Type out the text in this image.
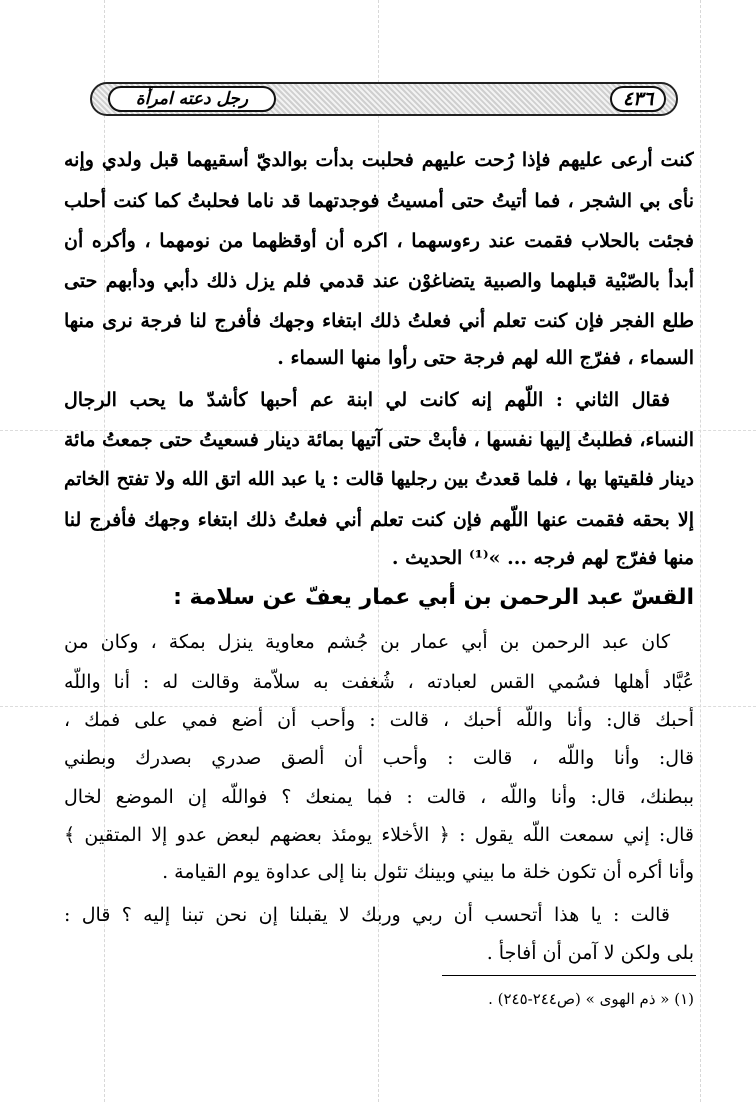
رجل دعته امرأة	٤٣٦
كنت أرعى عليهم فإذا رُحت عليهم فحلبت بدأت بوالديّ أسقيهما قبل ولدي وإنه
نأى بي الشجر ، فما أتيتُ حتى أمسيتُ فوجدتهما قد ناما فحلبتُ كما كنت أحلب
فجئت بالحلاب فقمت عند رءوسهما ، اكره أن أوقظهما من نومهما ، وأكره أن
أبدأ بالصّبْية قبلهما والصبية يتضاغوْن عند قدمي فلم يزل ذلك دأبي ودأبهم حتى
طلع الفجر فإن كنت تعلم أني فعلتُ ذلك ابتغاء وجهك فأفرج لنا فرجة نرى منها
السماء ، ففرّج الله لهم فرجة حتى رأوا منها السماء .
فقال الثاني : اللّهم إنه كانت لي ابنة عم أحبها كأشدّ ما يحب الرجال
النساء، فطلبتُ إليها نفسها ، فأبتْ حتى آتيها بمائة دينار فسعيتُ حتى جمعتُ مائة
دينار فلقيتها بها ، فلما قعدتُ بين رجليها قالت : يا عبد الله اتق الله ولا تفتح الخاتم
إلا بحقه فقمت عنها اللّهم فإن كنت تعلم أني فعلتُ ذلك ابتغاء وجهك فأفرج لنا
منها ففرّج لهم فرجه ... »⁽¹⁾ الحديث .
القسّ عبد الرحمن بن أبي عمار يعفّ عن سلامة :
كان عبد الرحمن بن أبي عمار بن جُشم معاوية ينزل بمكة ، وكان من
عُبَّاد أهلها فسُمي القس لعبادته ، شُغفت به سلاّمة وقالت له : أنا واللّه
أحبك قال: وأنا واللّه أحبك ، قالت : وأحب أن أضع فمي على فمك ،
قال: وأنا واللّه ، قالت : وأحب أن ألصق صدري بصدرك وبطني
ببطنك، قال: وأنا واللّه ، قالت : فما يمنعك ؟ فواللّه إن الموضع لخال
قال: إني سمعت اللّه يقول : ﴿ الأخلاء يومئذ بعضهم لبعض عدو إلا المتقين ﴾
وأنا أكره أن تكون خلة ما بيني وبينك تئول بنا إلى عداوة يوم القيامة .
قالت : يا هذا أتحسب أن ربي وربك لا يقبلنا إن نحن تبنا إليه ؟ قال :
بلى ولكن لا آمن أن أفاجأ .
(١) « ذم الهوى » (ص٢٤٤-٢٤٥) .
